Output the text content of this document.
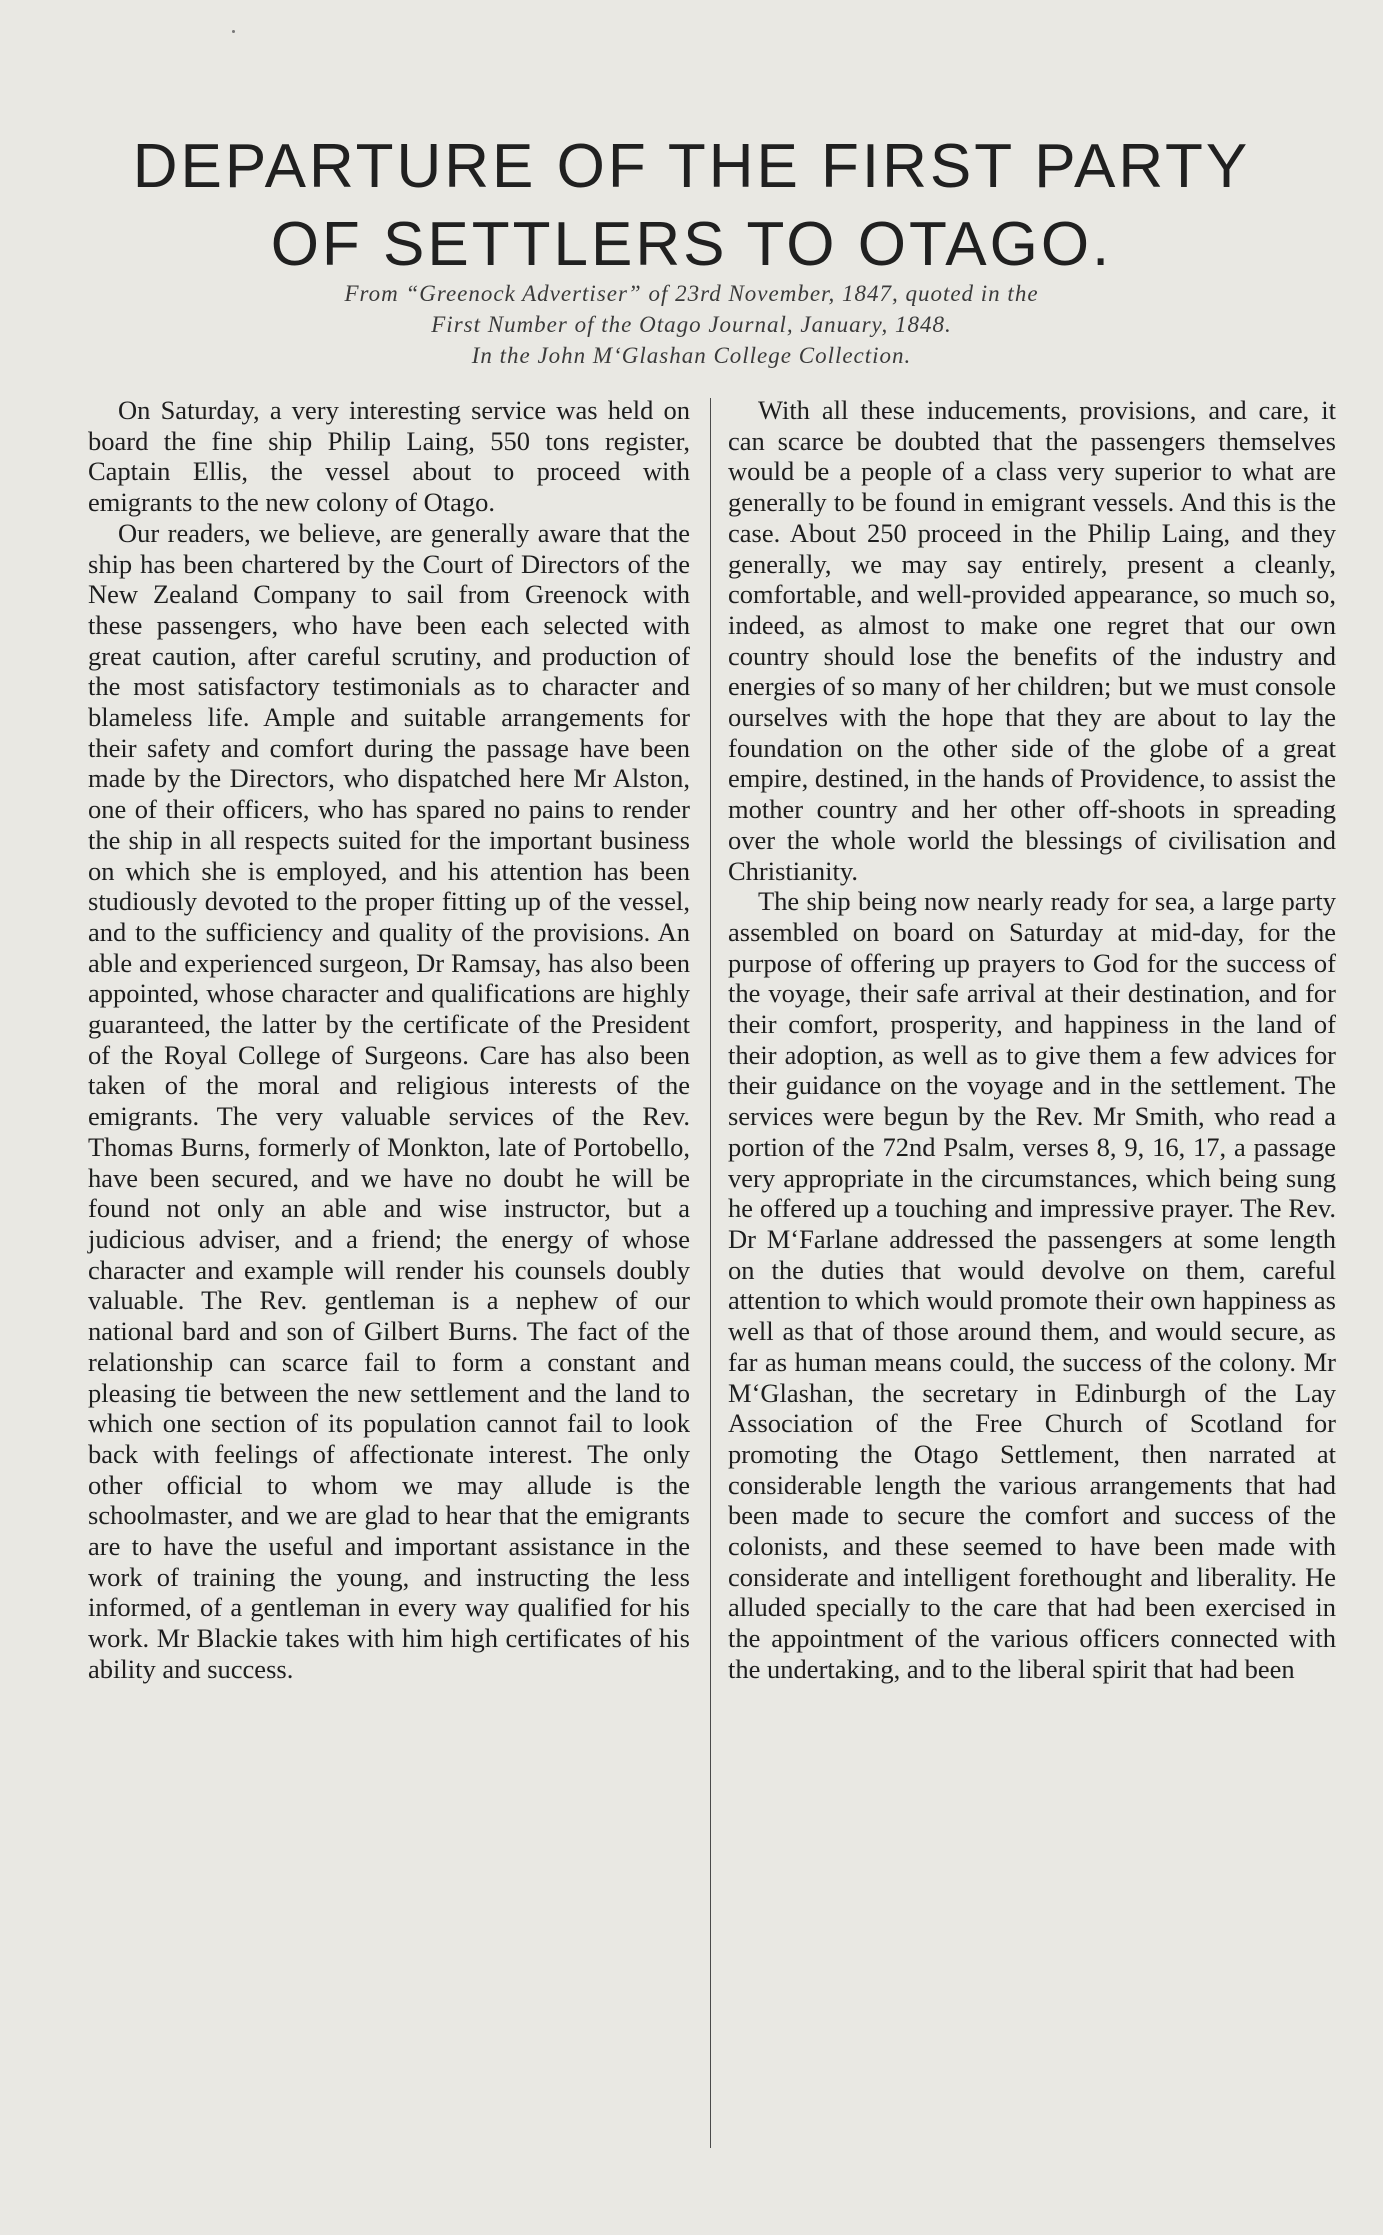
DEPARTURE OF THE FIRST PARTY
OF SETTLERS TO OTAGO.
From “Greenock Advertiser” of 23rd November, 1847, quoted in the
First Number of the Otago Journal, January, 1848.
In the John M‘Glashan College Collection.

On Saturday, a very interesting service was held on board the fine ship Philip Laing, 550 tons register, Captain Ellis, the vessel about to proceed with emigrants to the new colony of Otago.

Our readers, we believe, are generally aware that the ship has been chartered by the Court of Directors of the New Zealand Company to sail from Greenock with these passengers, who have been each selected with great caution, after careful scrutiny, and production of the most satisfactory testimonials as to character and blameless life. Ample and suitable arrangements for their safety and comfort during the passage have been made by the Directors, who dispatched here Mr Alston, one of their officers, who has spared no pains to render the ship in all respects suited for the important business on which she is employed, and his attention has been studiously devoted to the proper fitting up of the vessel, and to the sufficiency and quality of the provisions. An able and experienced surgeon, Dr Ramsay, has also been appointed, whose character and qualifications are highly guaranteed, the latter by the certificate of the President of the Royal College of Surgeons. Care has also been taken of the moral and religious interests of the emigrants. The very valuable services of the Rev. Thomas Burns, formerly of Monkton, late of Portobello, have been secured, and we have no doubt he will be found not only an able and wise instructor, but a judicious adviser, and a friend; the energy of whose character and example will render his counsels doubly valuable. The Rev. gentleman is a nephew of our national bard and son of Gilbert Burns. The fact of the relationship can scarce fail to form a constant and pleasing tie between the new settlement and the land to which one section of its population cannot fail to look back with feelings of affectionate interest. The only other official to whom we may allude is the schoolmaster, and we are glad to hear that the emigrants are to have the useful and important assistance in the work of training the young, and instructing the less informed, of a gentleman in every way qualified for his work. Mr Blackie takes with him high certificates of his ability and success.

With all these inducements, provisions, and care, it can scarce be doubted that the passengers themselves would be a people of a class very superior to what are generally to be found in emigrant vessels. And this is the case. About 250 proceed in the Philip Laing, and they generally, we may say entirely, present a cleanly, comfortable, and well-provided appearance, so much so, indeed, as almost to make one regret that our own country should lose the benefits of the industry and energies of so many of her children; but we must console ourselves with the hope that they are about to lay the foundation on the other side of the globe of a great empire, destined, in the hands of Providence, to assist the mother country and her other off-shoots in spreading over the whole world the blessings of civilisation and Christianity.

The ship being now nearly ready for sea, a large party assembled on board on Saturday at mid-day, for the purpose of offering up prayers to God for the success of the voyage, their safe arrival at their destination, and for their comfort, prosperity, and happiness in the land of their adoption, as well as to give them a few advices for their guidance on the voyage and in the settlement. The services were begun by the Rev. Mr Smith, who read a portion of the 72nd Psalm, verses 8, 9, 16, 17, a passage very appropriate in the circumstances, which being sung he offered up a touching and impressive prayer. The Rev. Dr M‘Farlane addressed the passengers at some length on the duties that would devolve on them, careful attention to which would promote their own happiness as well as that of those around them, and would secure, as far as human means could, the success of the colony. Mr M‘Glashan, the secretary in Edinburgh of the Lay Association of the Free Church of Scotland for promoting the Otago Settlement, then narrated at considerable length the various arrangements that had been made to secure the comfort and success of the colonists, and these seemed to have been made with considerate and intelligent forethought and liberality. He alluded specially to the care that had been exercised in the appointment of the various officers connected with the undertaking, and to the liberal spirit that had been
